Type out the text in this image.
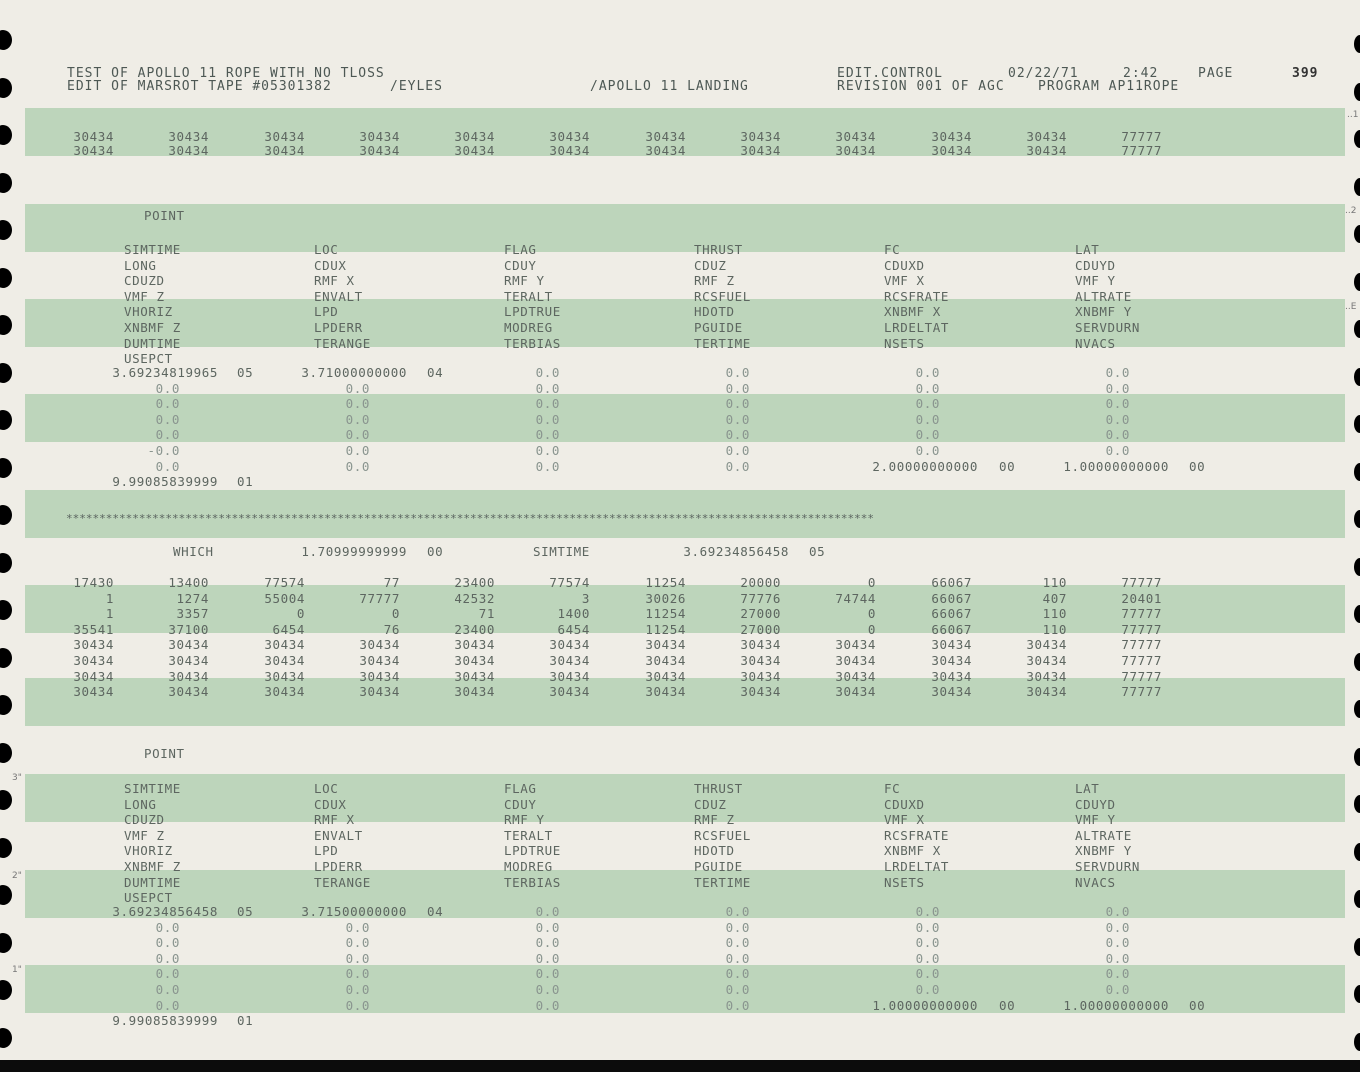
..1
..2
..E
3"
2"
1"
TEST OF APOLLO 11 ROPE WITH NO TLOSS
EDIT OF MARSROT TAPE #05301382	/EYLES	/APOLLO 11 LANDING
EDIT.CONTROL
REVISION 001 OF AGC
02/22/71	2:42
PROGRAM AP11ROPE
PAGE	399
30434	30434	30434	30434	30434	30434	30434	30434	30434	30434	30434	77777
30434	30434	30434	30434	30434	30434	30434	30434	30434	30434	30434	77777
POINT
SIMTIME	LOC	FLAG	THRUST	FC	LAT
LONG	CDUX	CDUY	CDUZ	CDUXD	CDUYD
CDUZD	RMF X	RMF Y	RMF Z	VMF X	VMF Y
VMF Z	ENVALT	TERALT	RCSFUEL	RCSFRATE	ALTRATE
VHORIZ	LPD	LPDTRUE	HDOTD	XNBMF X	XNBMF Y
XNBMF Z	LPDERR	MODREG	PGUIDE	LRDELTAT	SERVDURN
DUMTIME	TERANGE	TERBIAS	TERTIME	NSETS	NVACS
USEPCT
3.69234819965 05	3.71000000000 04	0.0	0.0	0.0	0.0
0.0	0.0	0.0	0.0	0.0	0.0
0.0	0.0	0.0	0.0	0.0	0.0
0.0	0.0	0.0	0.0	0.0	0.0
0.0	0.0	0.0	0.0	0.0	0.0
-0.0	0.0	0.0	0.0	0.0	0.0
0.0	0.0	0.0	0.0	2.00000000000 00	1.00000000000 00
9.99085839999 01
**************************************************************************************************************************
WHICH	1.70999999999 00	SIMTIME	3.69234856458 05
17430	13400	77574	77	23400	77574	11254	20000	0	66067	110	77777
1	1274	55004	77777	42532	3	30026	77776	74744	66067	407	20401
1	3357	0	0	71	1400	11254	27000	0	66067	110	77777
35541	37100	6454	76	23400	6454	11254	27000	0	66067	110	77777
30434	30434	30434	30434	30434	30434	30434	30434	30434	30434	30434	77777
30434	30434	30434	30434	30434	30434	30434	30434	30434	30434	30434	77777
30434	30434	30434	30434	30434	30434	30434	30434	30434	30434	30434	77777
30434	30434	30434	30434	30434	30434	30434	30434	30434	30434	30434	77777
POINT
SIMTIME	LOC	FLAG	THRUST	FC	LAT
LONG	CDUX	CDUY	CDUZ	CDUXD	CDUYD
CDUZD	RMF X	RMF Y	RMF Z	VMF X	VMF Y
VMF Z	ENVALT	TERALT	RCSFUEL	RCSFRATE	ALTRATE
VHORIZ	LPD	LPDTRUE	HDOTD	XNBMF X	XNBMF Y
XNBMF Z	LPDERR	MODREG	PGUIDE	LRDELTAT	SERVDURN
DUMTIME	TERANGE	TERBIAS	TERTIME	NSETS	NVACS
USEPCT
3.69234856458 05	3.71500000000 04	0.0	0.0	0.0	0.0
0.0	0.0	0.0	0.0	0.0	0.0
0.0	0.0	0.0	0.0	0.0	0.0
0.0	0.0	0.0	0.0	0.0	0.0
0.0	0.0	0.0	0.0	0.0	0.0
0.0	0.0	0.0	0.0	0.0	0.0
0.0	0.0	0.0	0.0	1.00000000000 00	1.00000000000 00
9.99085839999 01
